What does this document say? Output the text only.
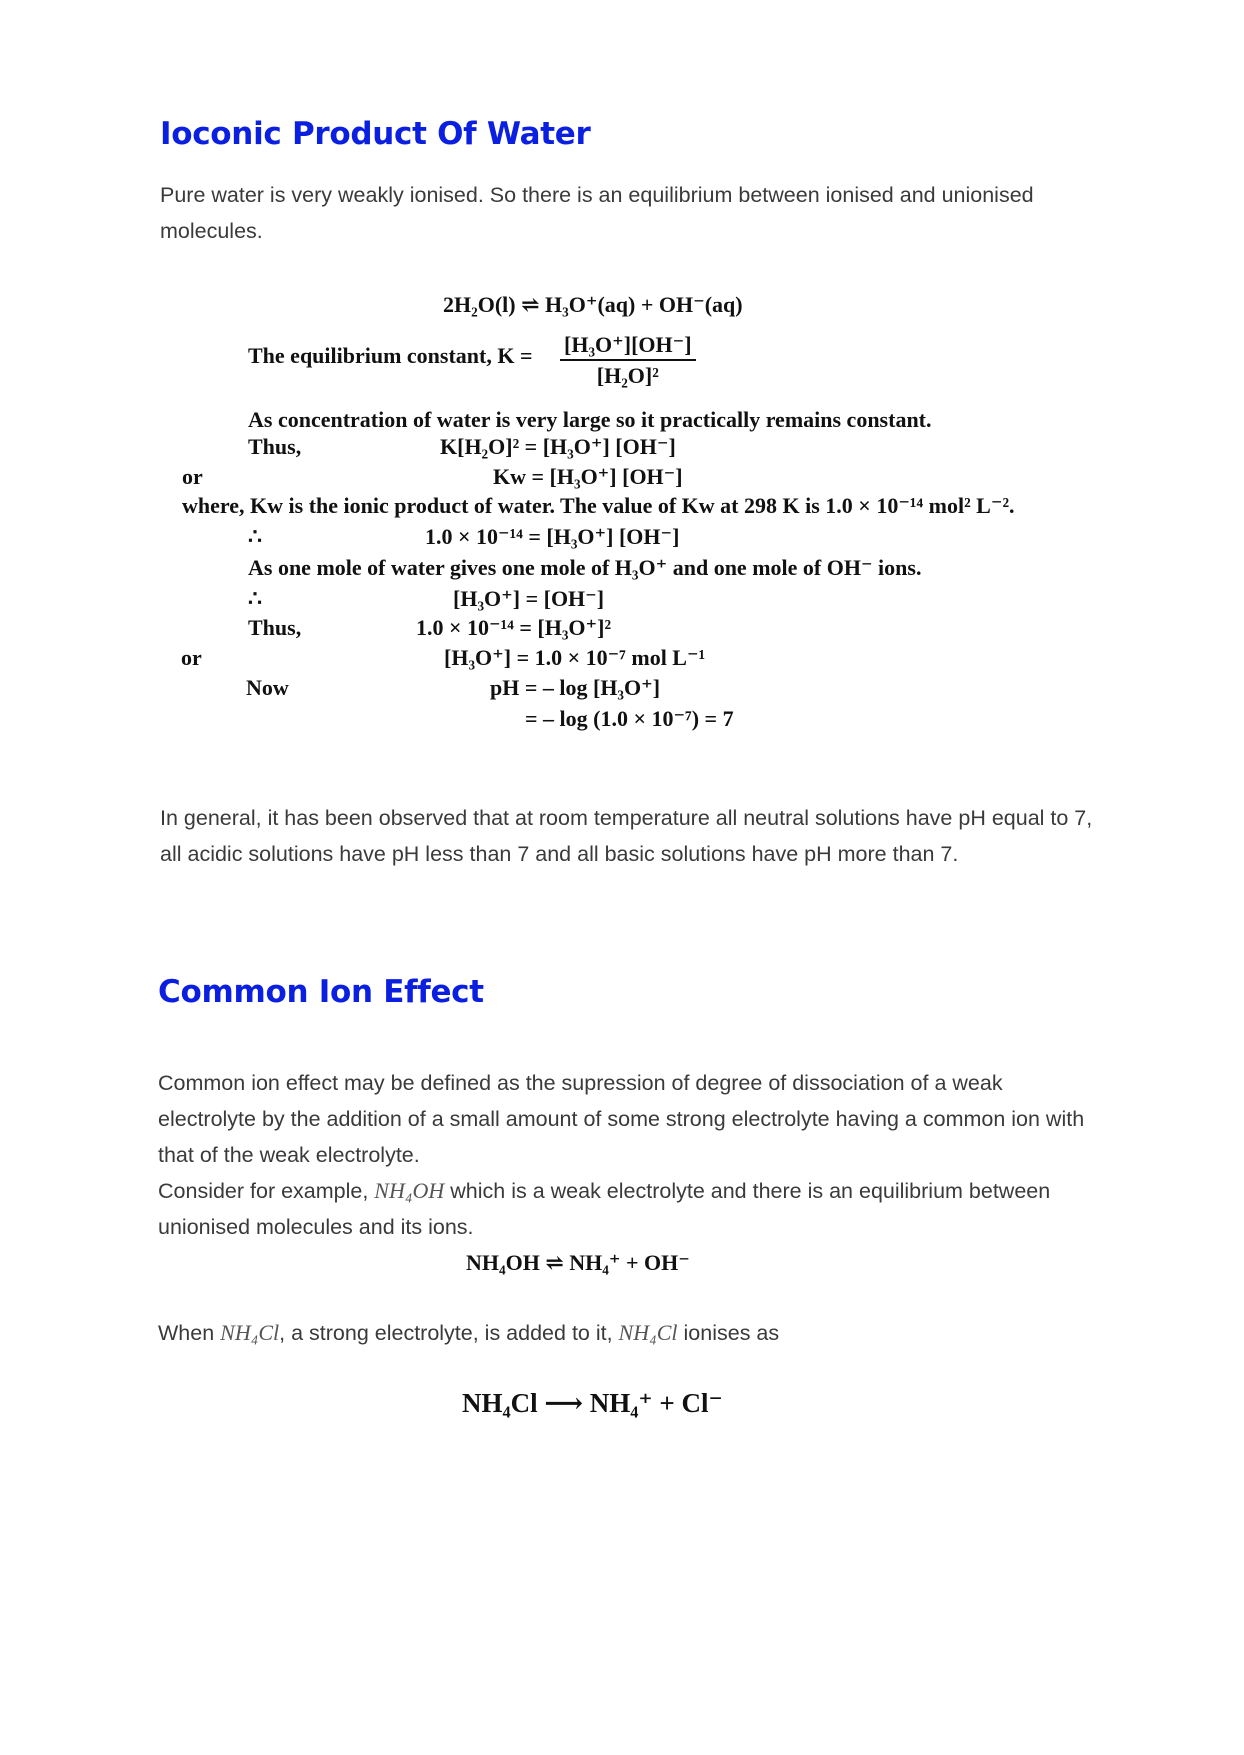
Ioconic Product Of Water

Pure water is very weakly ionised. So there is an equilibrium between ionised and unionised molecules.

2H₂O(l) ⇌ H₃O⁺(aq) + OH⁻(aq)
The equilibrium constant, $K = \frac{\text{[H₃O⁺][OH⁻]}}{\text{[H₂O]²}}$
As concentration of water is very large so it practically remains constant.
Thus,	K[H₂O]² = [H₃O⁺] [OH⁻]
or	Kw = [H₃O⁺] [OH⁻]
where, Kw is the ionic product of water. The value of Kw at 298 K is 1.0 × 10⁻¹⁴ mol² L⁻².
∴	1.0 × 10⁻¹⁴ = [H₃O⁺] [OH⁻]
As one mole of water gives one mole of H₃O⁺ and one mole of OH⁻ ions.
∴	[H₃O⁺] = [OH⁻]
Thus,	1.0 × 10⁻¹⁴ = [H₃O⁺]²
or	[H₃O⁺] = 1.0 × 10⁻⁷ mol L⁻¹
Now	pH = – log [H₃O⁺]
= – log (1.0 × 10⁻⁷) = 7

In general, it has been observed that at room temperature all neutral solutions have pH equal to 7, all acidic solutions have pH less than 7 and all basic solutions have pH more than 7.

Common Ion Effect

Common ion effect may be defined as the supression of degree of dissociation of a weak electrolyte by the addition of a small amount of some strong electrolyte having a common ion with that of the weak electrolyte.

Consider for example, NH₄OH which is a weak electrolyte and there is an equilibrium between unionised molecules and its ions.

NH₄OH ⇌ NH₄⁺ + OH⁻

When NH₄Cl, a strong electrolyte, is added to it, NH₄Cl ionises as

NH₄Cl ⟶ NH₄⁺ + Cl⁻
